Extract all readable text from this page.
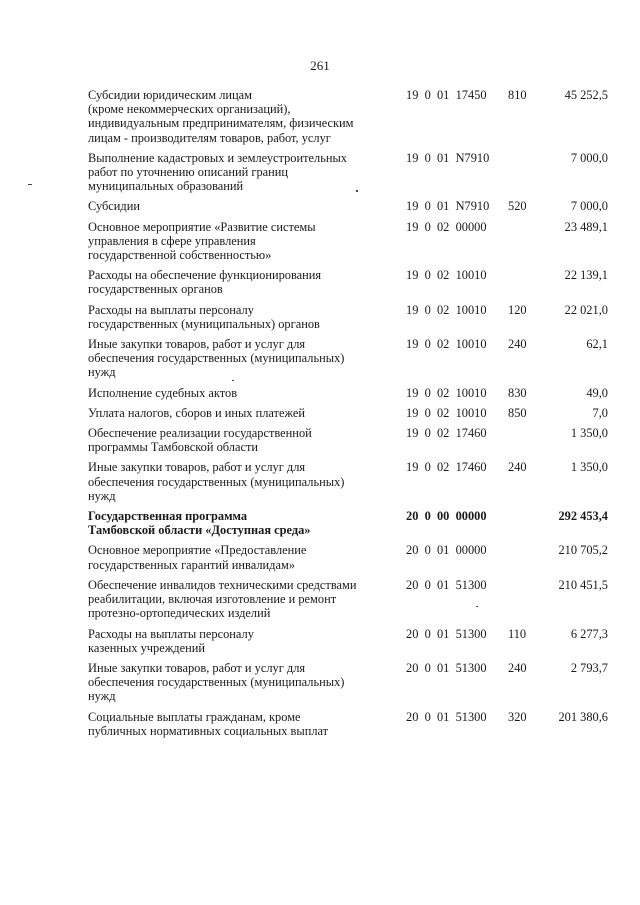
261
Субсидии юридическим лицам
(кроме некоммерческих организаций),
индивидуальным предпринимателям, физическим
лицам - производителям товаров, работ, услуг
19  0  01  17450 810	45 252,5
Выполнение кадастровых и землеустроительных
работ по уточнению описаний границ
муниципальных образований
19  0  01  N7910	7 000,0
Субсидии	19  0  01  N7910 520	7 000,0
Основное мероприятие «Развитие системы
управления в сфере управления
государственной собственностью»
19  0  02  00000	23 489,1
Расходы на обеспечение функционирования
государственных органов
19  0  02  10010	22 139,1
Расходы на выплаты персоналу
государственных (муниципальных) органов
19  0  02  10010 120	22 021,0
Иные закупки товаров, работ и услуг для
обеспечения государственных (муниципальных)
нужд
19  0  02  10010 240	62,1
Исполнение судебных актов	19  0  02  10010 830	49,0
Уплата налогов, сборов и иных платежей	19  0  02  10010 850	7,0
Обеспечение реализации государственной
программы Тамбовской области
19  0  02  17460	1 350,0
Иные закупки товаров, работ и услуг для
обеспечения государственных (муниципальных)
нужд
19  0  02  17460 240	1 350,0
Государственная программа
Тамбовской области «Доступная среда»
20  0  00  00000	292 453,4
Основное мероприятие «Предоставление
государственных гарантий инвалидам»
20  0  01  00000	210 705,2
Обеспечение инвалидов техническими средствами
реабилитации, включая изготовление и ремонт
протезно-ортопедических изделий
20  0  01  51300	210 451,5
Расходы на выплаты персоналу
казенных учреждений
20  0  01  51300 110	6 277,3
Иные закупки товаров, работ и услуг для
обеспечения государственных (муниципальных)
нужд
20  0  01  51300 240	2 793,7
Социальные выплаты гражданам, кроме
публичных нормативных социальных выплат
20  0  01  51300 320	201 380,6
